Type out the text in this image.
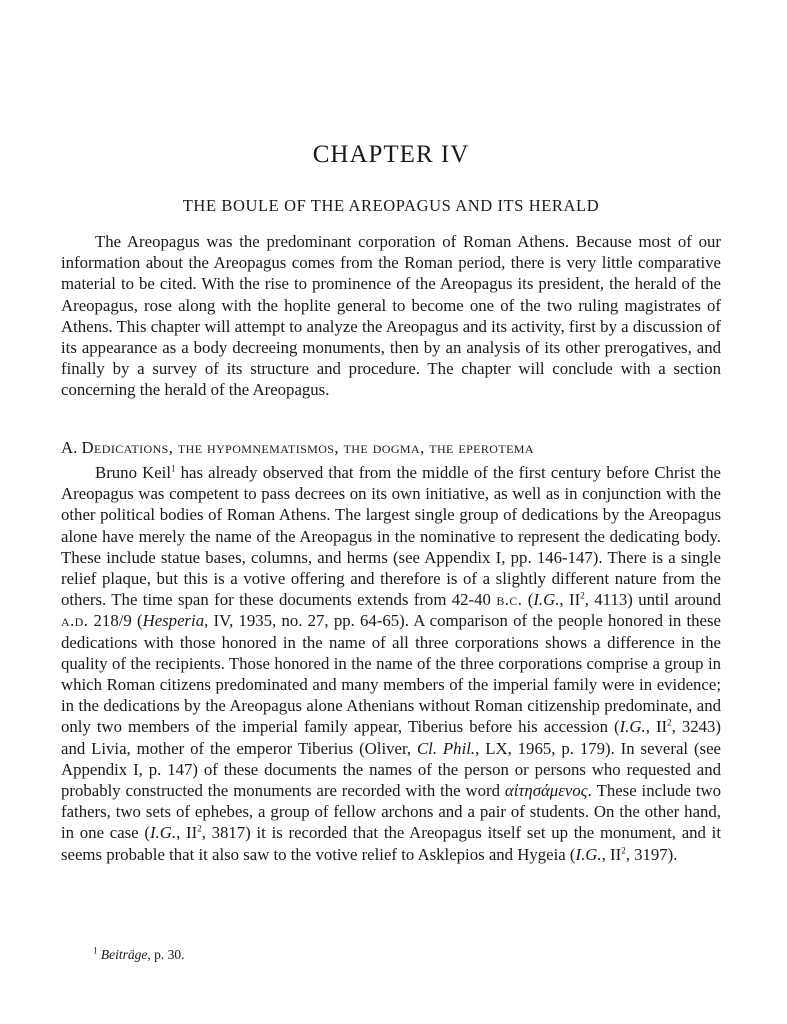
CHAPTER IV
THE BOULE OF THE AREOPAGUS AND ITS HERALD

The Areopagus was the predominant corporation of Roman Athens. Because most of our information about the Areopagus comes from the Roman period, there is very little comparative material to be cited. With the rise to prominence of the Areopagus its president, the herald of the Areopagus, rose along with the hoplite general to become one of the two ruling magistrates of Athens. This chapter will attempt to analyze the Areopagus and its activity, first by a discussion of its appearance as a body decreeing monuments, then by an analysis of its other prerogatives, and finally by a survey of its structure and procedure. The chapter will conclude with a section concerning the herald of the Areopagus.

A. Dedications, the hypomnematismos, the dogma, the eperotema

Bruno Keil$^1$ has already observed that from the middle of the first century before Christ the Areopagus was competent to pass decrees on its own initiative, as well as in conjunction with the other political bodies of Roman Athens. The largest single group of dedications by the Areopagus alone have merely the name of the Areopagus in the nominative to represent the dedicating body. These include statue bases, columns, and herms (see Appendix I, pp. 146-147). There is a single relief plaque, but this is a votive offering and therefore is of a slightly different nature from the others. The time span for these documents extends from 42-40 b.c. (I.G., $II^2$, 4113) until around a.d. 218/9 (Hesperia, IV, 1935, no. 27, pp. 64-65). A comparison of the people honored in these dedications with those honored in the name of all three corporations shows a difference in the quality of the recipients. Those honored in the name of the three corporations comprise a group in which Roman citizens predominated and many members of the imperial family were in evidence; in the dedications by the Areopagus alone Athenians without Roman citizenship predominate, and only two members of the imperial family appear, Tiberius before his accession (I.G., $II^2$, 3243) and Livia, mother of the emperor Tiberius (Oliver, Cl. Phil., LX, 1965, p. 179). In several (see Appendix I, p. 147) of these documents the names of the person or persons who requested and probably constructed the monuments are recorded with the word αἰτησάμενος. These include two fathers, two sets of ephebes, a group of fellow archons and a pair of students. On the other hand, in one case (I.G., $II^2$, 3817) it is recorded that the Areopagus itself set up the monument, and it seems probable that it also saw to the votive relief to Asklepios and Hygeia (I.G., $II^2$, 3197).

$^1$ Beiträge, p. 30.
